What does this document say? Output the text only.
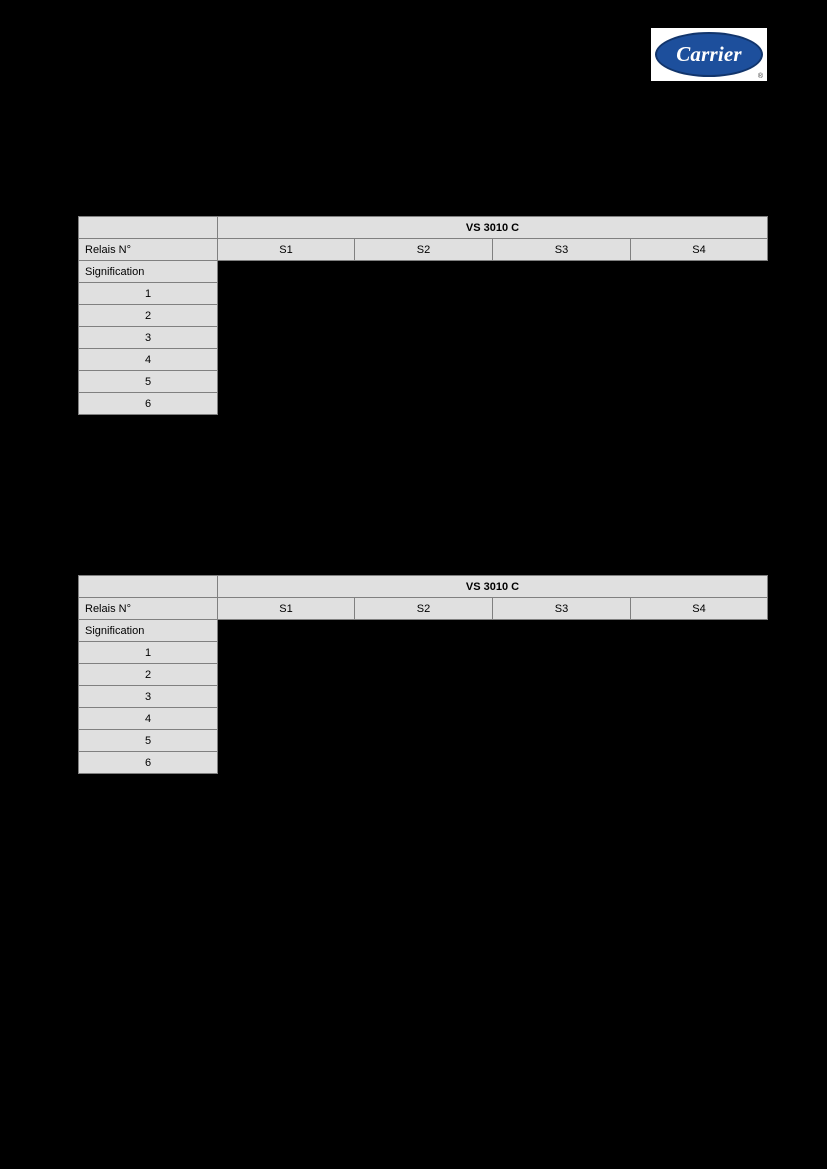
Carrier
®
	VS 3010 C			
Relais N°	S1	S2	S3	S4
Signification				
1				
2				
3				
4				
5				
6				
	VS 3010 C			
Relais N°	S1	S2	S3	S4
Signification				
1				
2				
3				
4				
5				
6				
